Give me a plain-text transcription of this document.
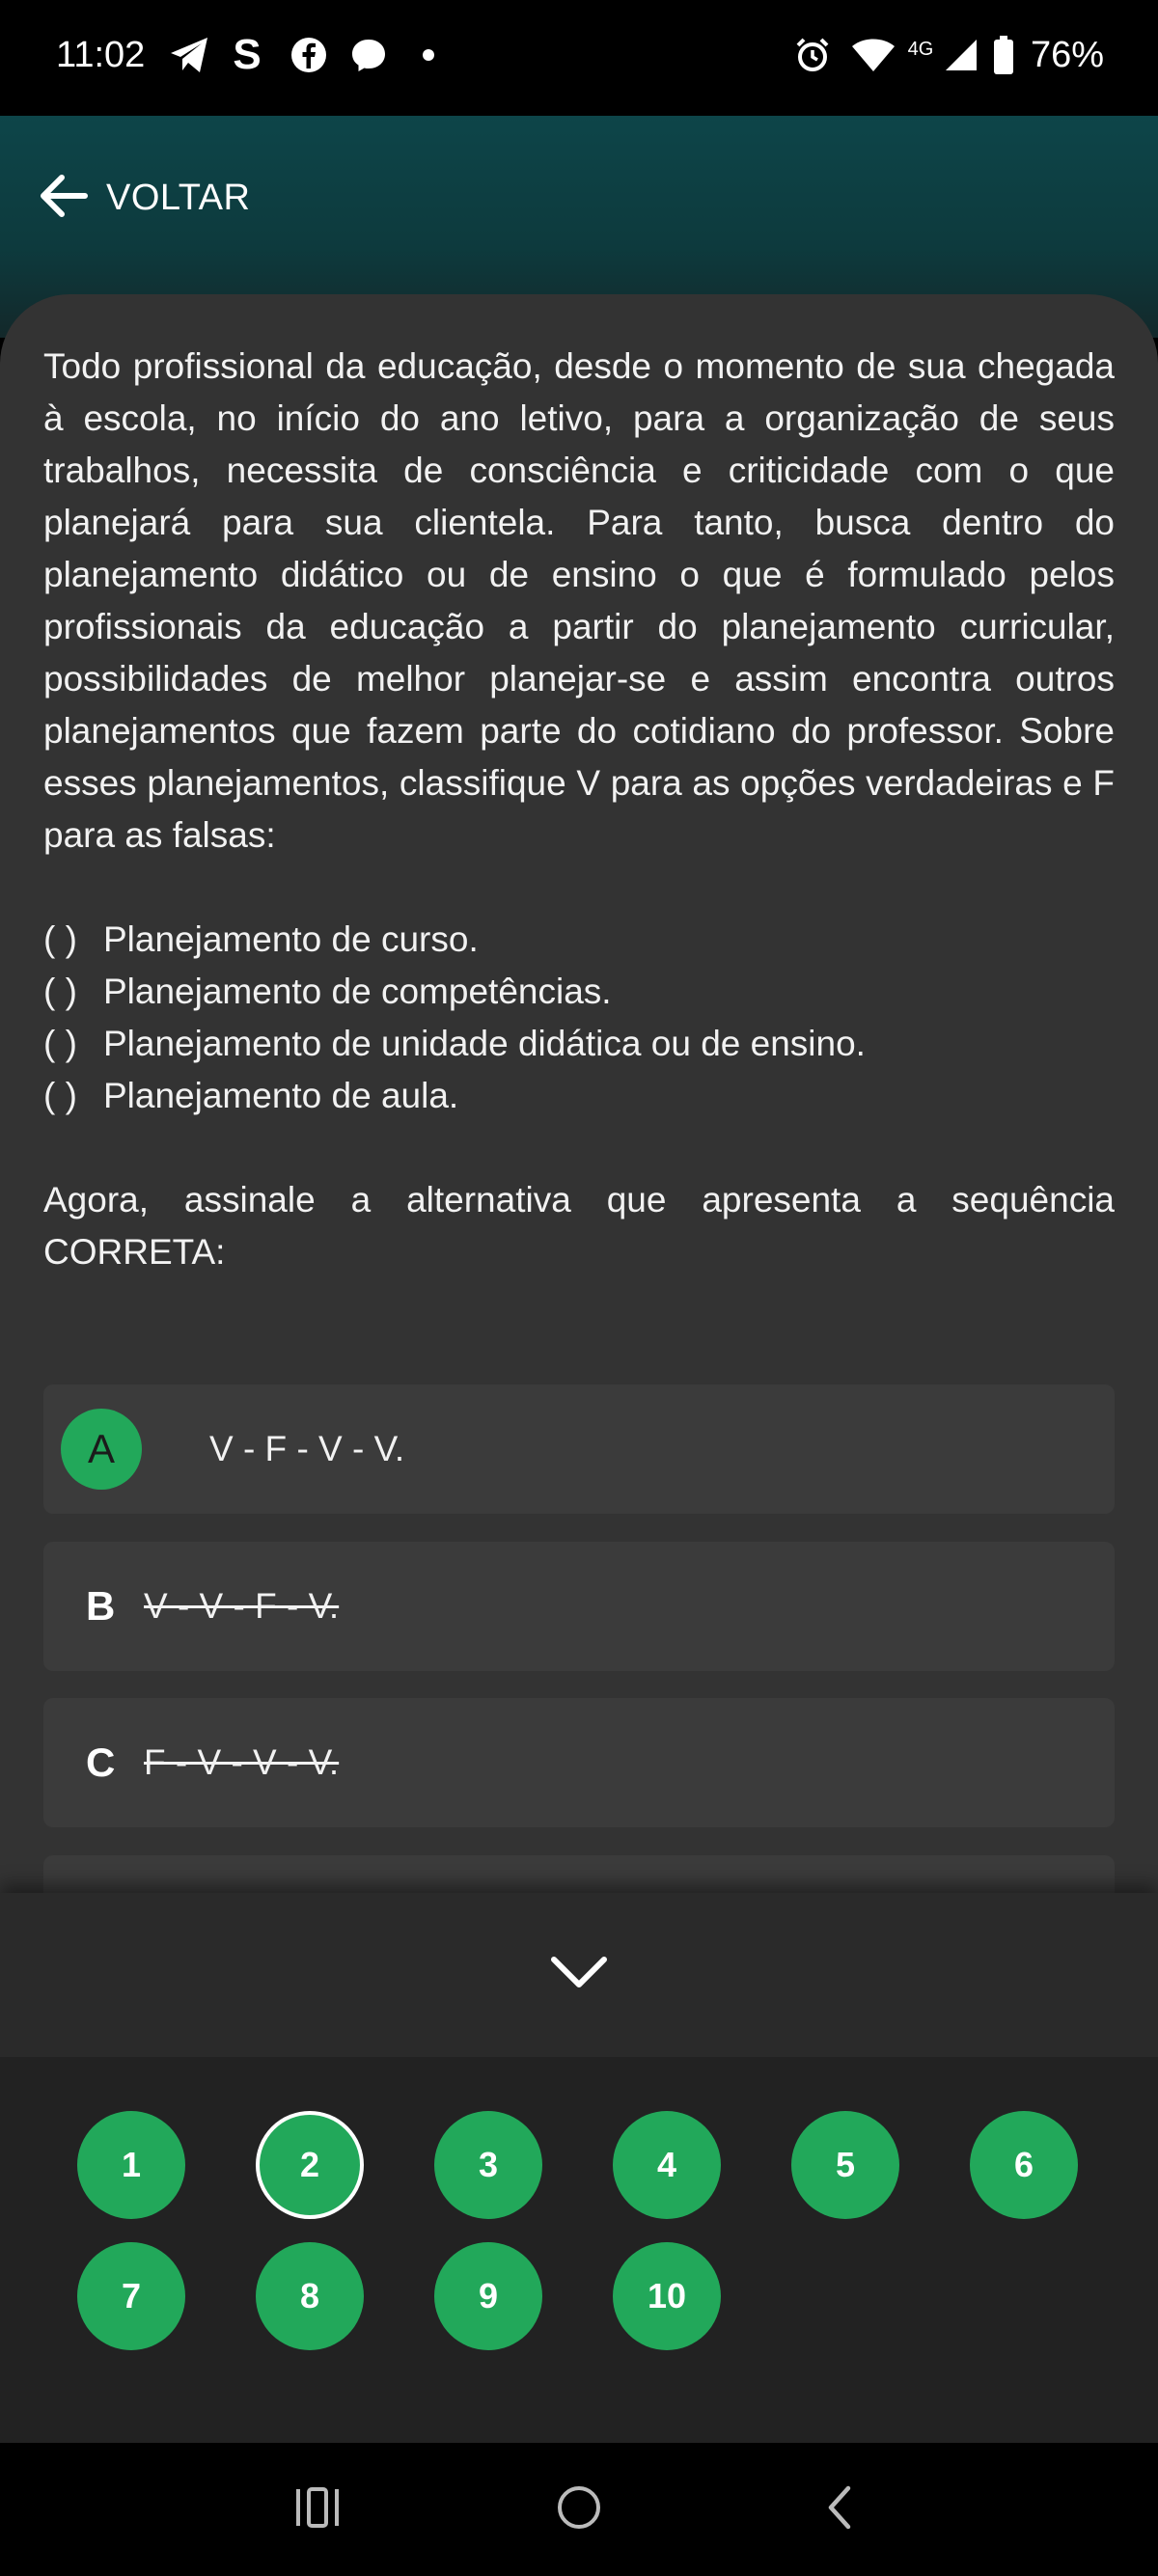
11:02 S	4G	76%
VOLTAR
Todo profissional da educação, desde o momento de sua chegada
à escola, no início do ano letivo, para a organização de seus
trabalhos, necessita de consciência e criticidade com o que
planejará para sua clientela. Para tanto, busca dentro do
planejamento didático ou de ensino o que é formulado pelos
profissionais da educação a partir do planejamento curricular,
possibilidades de melhor planejar-se e assim encontra outros
planejamentos que fazem parte do cotidiano do professor. Sobre
esses planejamentos, classifique V para as opções verdadeiras e F
para as falsas:
( ) Planejamento de curso.
( ) Planejamento de competências.
( ) Planejamento de unidade didática ou de ensino.
( ) Planejamento de aula.
Agora, assinale a alternativa que apresenta a sequência
CORRETA:
A	V - F - V - V.
B V - V - F - V.
C F - V - V - V.
1	2	3	4	5	6
7	8	9	10
